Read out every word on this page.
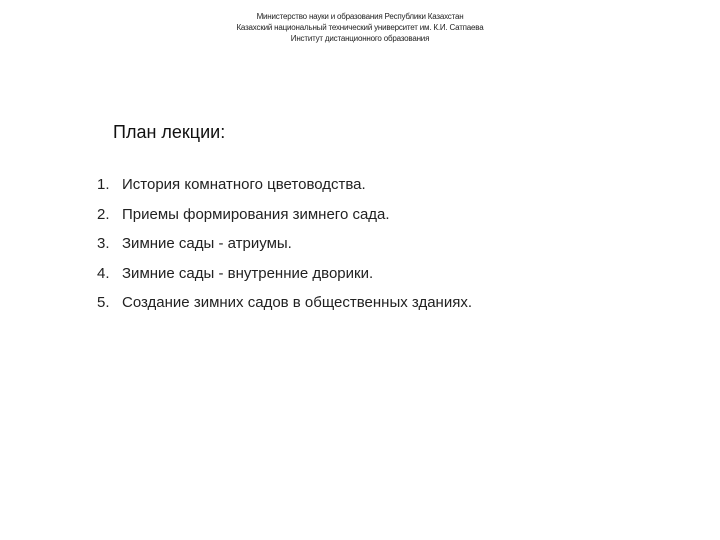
Министерство науки и образования Республики Казахстан
Казахский национальный технический университет им. К.И. Сатпаева
Институт дистанционного образования
План лекции:
1. История комнатного цветоводства.
2. Приемы формирования зимнего сада.
3. Зимние сады - атриумы.
4. Зимние сады - внутренние дворики.
5. Создание зимних садов в общественных зданиях.
